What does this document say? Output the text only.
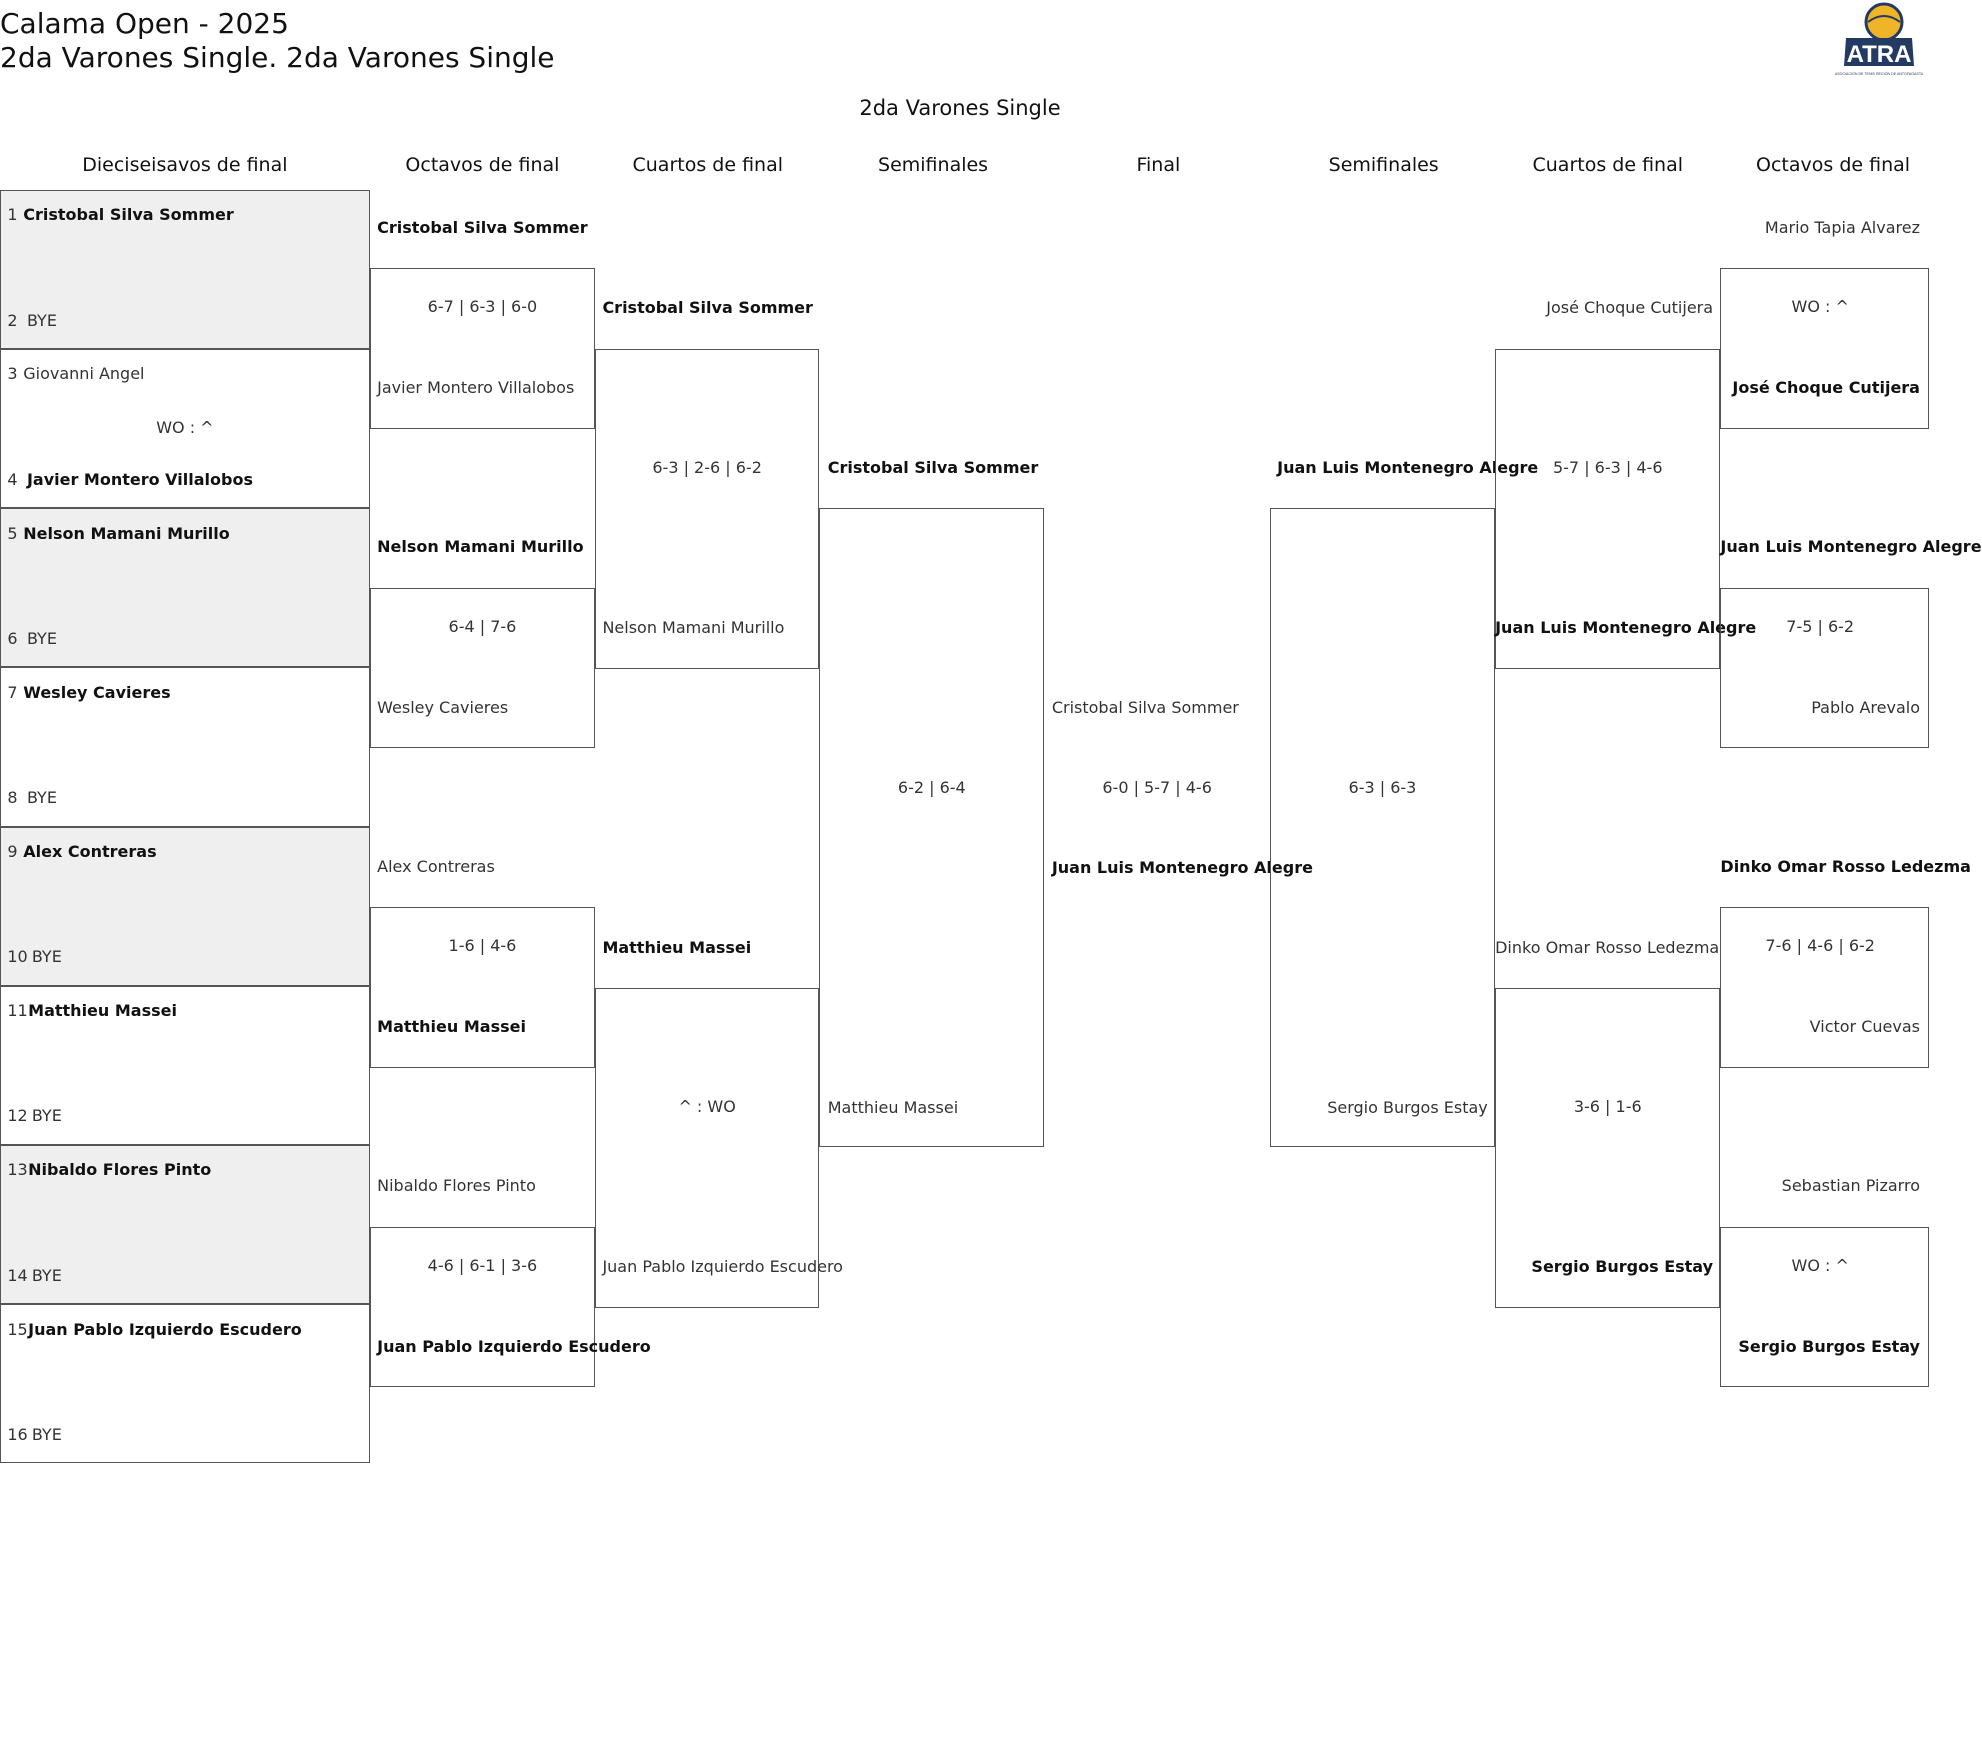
Calama Open - 2025
2da Varones Single. 2da Varones Single	ATRA
ASOCIACIÓN DE TENIS REGIÓN DE ANTOFAGASTA
2da Varones Single
Dieciseisavos de final	Octavos de final	Cuartos de final	Semifinales	Final	Semifinales	Cuartos de final	Octavos de final
1 Cristobal Silva Sommer
2 BYE
3 Giovanni Angel
4 Javier Montero Villalobos
WO : ^
5 Nelson Mamani Murillo
6 BYE
7 Wesley Cavieres
8 BYE
9 Alex Contreras
10 BYE
11 Matthieu Massei
12 BYE
13 Nibaldo Flores Pinto
14 BYE
15 Juan Pablo Izquierdo Escudero
16 BYE
Cristobal Silva Sommer
6-7 | 6-3 | 6-0
Javier Montero Villalobos
Nelson Mamani Murillo
6-4 | 7-6
Wesley Cavieres
Alex Contreras
1-6 | 4-6
Matthieu Massei
Nibaldo Flores Pinto
4-6 | 6-1 | 3-6
Juan Pablo Izquierdo Escudero
Cristobal Silva Sommer
6-3 | 2-6 | 6-2
Nelson Mamani Murillo
Matthieu Massei
^ : WO
Juan Pablo Izquierdo Escudero
Cristobal Silva Sommer
6-2 | 6-4
Matthieu Massei
Cristobal Silva Sommer
6-0 | 5-7 | 4-6
Juan Luis Montenegro Alegre
Juan Luis Montenegro Alegre
6-3 | 6-3
Sergio Burgos Estay
José Choque Cutijera
5-7 | 6-3 | 4-6
Juan Luis Montenegro Alegre
Dinko Omar Rosso Ledezma
3-6 | 1-6
Sergio Burgos Estay
Mario Tapia Alvarez
WO : ^
José Choque Cutijera
Juan Luis Montenegro Alegre
7-5 | 6-2
Pablo Arevalo
Dinko Omar Rosso Ledezma
7-6 | 4-6 | 6-2
Victor Cuevas
Sebastian Pizarro
WO : ^
Sergio Burgos Estay
